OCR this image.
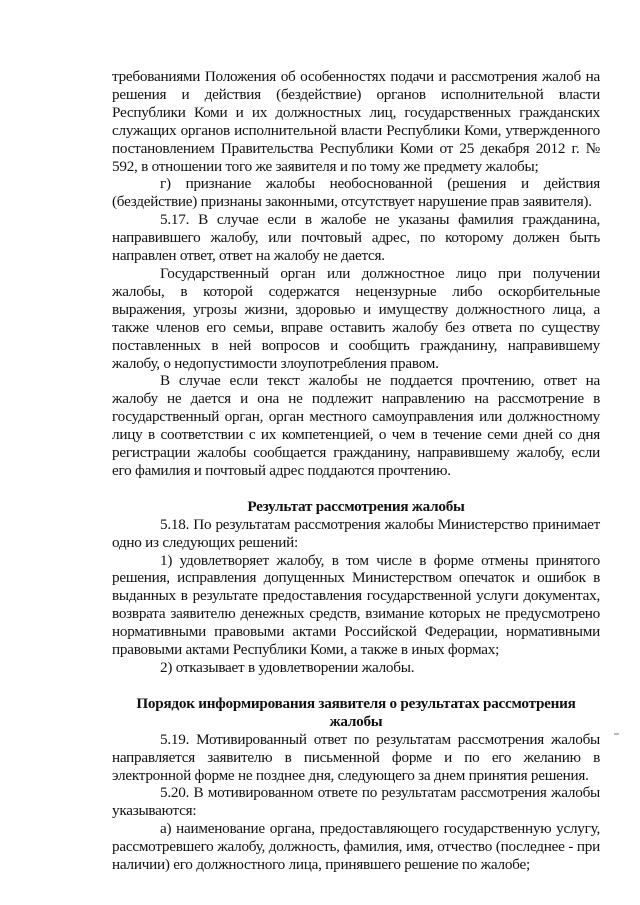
требованиями Положения об особенностях подачи и рассмотрения жалоб на решения и действия (бездействие) органов исполнительной власти Республики Коми и их должностных лиц, государственных гражданских служащих органов исполнительной власти Республики Коми, утвержденного постановлением Правительства Республики Коми от 25 декабря 2012 г. № 592, в отношении того же заявителя и по тому же предмету жалобы;

г) признание жалобы необоснованной (решения и действия (бездействие) признаны законными, отсутствует нарушение прав заявителя).

5.17. В случае если в жалобе не указаны фамилия гражданина, направившего жалобу, или почтовый адрес, по которому должен быть направлен ответ, ответ на жалобу не дается.

Государственный орган или должностное лицо при получении жалобы, в которой содержатся нецензурные либо оскорбительные выражения, угрозы жизни, здоровью и имуществу должностного лица, а также членов его семьи, вправе оставить жалобу без ответа по существу поставленных в ней вопросов и сообщить гражданину, направившему жалобу, о недопустимости злоупотребления правом.

В случае если текст жалобы не поддается прочтению, ответ на жалобу не дается и она не подлежит направлению на рассмотрение в государственный орган, орган местного самоуправления или должностному лицу в соответствии с их компетенцией, о чем в течение семи дней со дня регистрации жалобы сообщается гражданину, направившему жалобу, если его фамилия и почтовый адрес поддаются прочтению.

Результат рассмотрения жалобы

5.18. По результатам рассмотрения жалобы Министерство принимает одно из следующих решений:

1) удовлетворяет жалобу, в том числе в форме отмены принятого решения, исправления допущенных Министерством опечаток и ошибок в выданных в результате предоставления государственной услуги документах, возврата заявителю денежных средств, взимание которых не предусмотрено нормативными правовыми актами Российской Федерации, нормативными правовыми актами Республики Коми, а также в иных формах;

2) отказывает в удовлетворении жалобы.

Порядок информирования заявителя о результатах рассмотрения

жалобы

5.19. Мотивированный ответ по результатам рассмотрения жалобы направляется заявителю в письменной форме и по его желанию в электронной форме не позднее дня, следующего за днем принятия решения.

5.20. В мотивированном ответе по результатам рассмотрения жалобы указываются:

а) наименование органа, предоставляющего государственную услугу, рассмотревшего жалобу, должность, фамилия, имя, отчество (последнее - при наличии) его должностного лица, принявшего решение по жалобе;
